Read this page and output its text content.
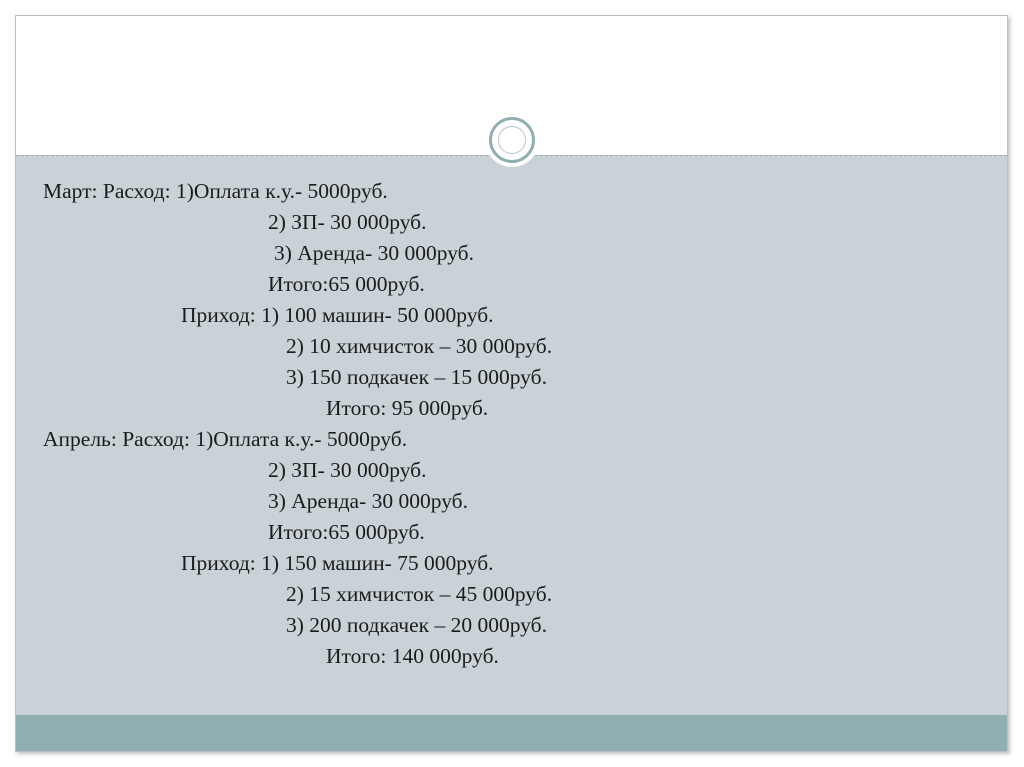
Март: Расход: 1)Оплата к.у.- 5000руб.
2) ЗП- 30 000руб.
3) Аренда- 30 000руб.
Итого:65 000руб.
Приход: 1) 100 машин- 50 000руб.
2) 10 химчисток – 30 000руб.
3) 150 подкачек – 15 000руб.
Итого: 95 000руб.
Апрель: Расход: 1)Оплата к.у.- 5000руб.
2) ЗП- 30 000руб.
3) Аренда- 30 000руб.
Итого:65 000руб.
Приход: 1) 150 машин- 75 000руб.
2) 15 химчисток – 45 000руб.
3) 200 подкачек – 20 000руб.
Итого: 140 000руб.
